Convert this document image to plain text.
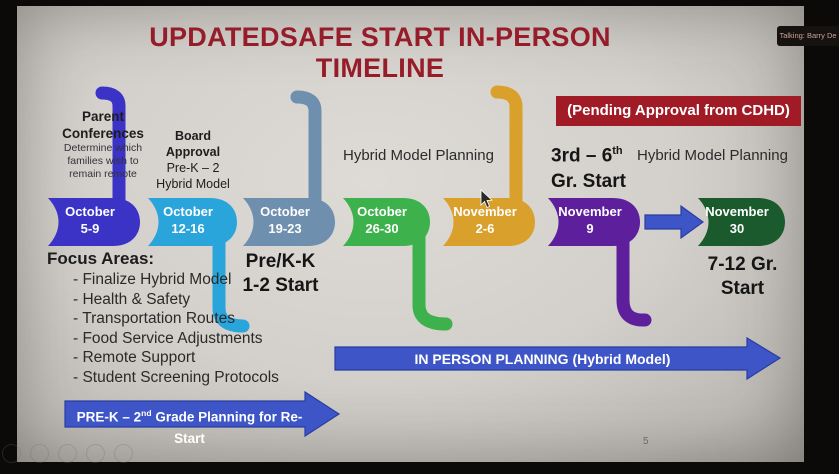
UPDATEDSAFE START IN-PERSON TIMELINE
Parent
Conferences
Determine which
families wish to
remain remote
Board
Approval
Pre-K – 2
Hybrid Model
Hybrid Model Planning
(Pending Approval from CDHD)
3rd – 6th
Gr. Start
Hybrid Model Planning
October
5-9
October
12-16
October
19-23
October
26-30
November
2-6
November
9
November
30
Pre/K-K
1-2 Start
7-12 Gr.
Start
Focus Areas:
- Finalize Hybrid Model
- Health & Safety
- Transportation Routes
- Food Service Adjustments
- Remote Support
- Student Screening Protocols
IN PERSON PLANNING (Hybrid Model)
PRE-K – 2nd Grade Planning for Re-Start	5
Talking: Barry De
